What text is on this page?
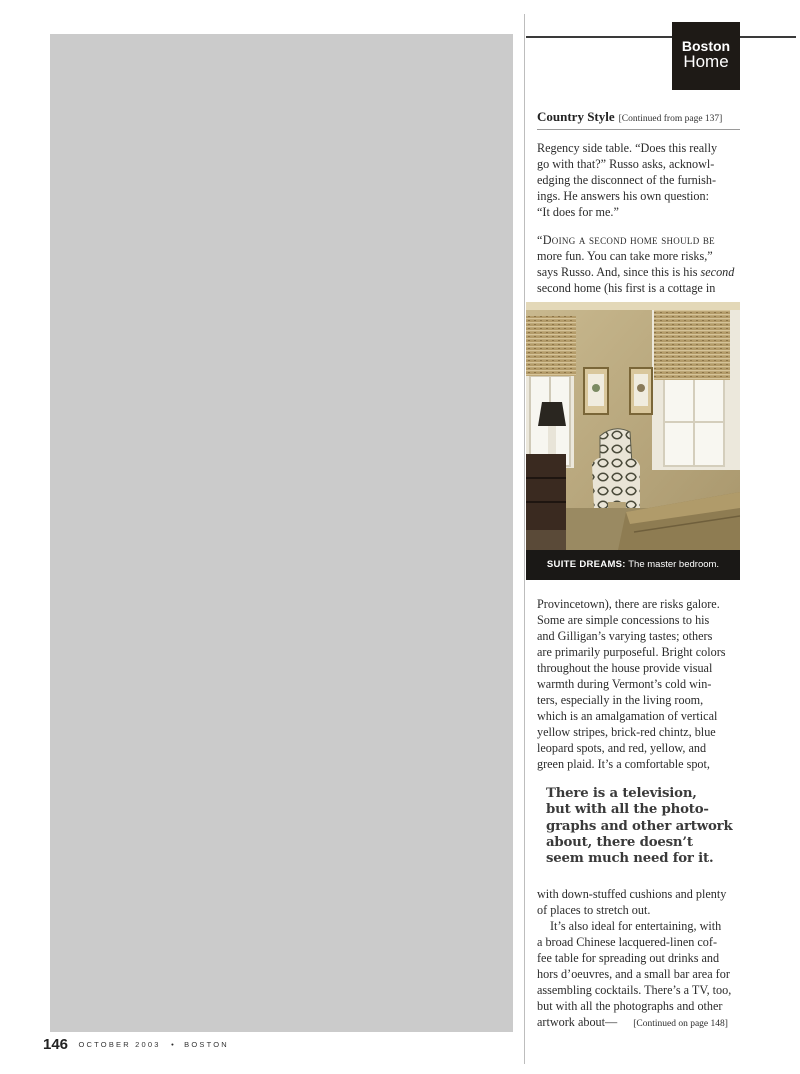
Boston
Home
Country Style [Continued from page 137]
Regency side table. “Does this really
go with that?” Russo asks, acknowl-
edging the disconnect of the furnish-
ings. He answers his own question:
“It does for me.”
“Doing a second home should be
more fun. You can take more risks,”
says Russo. And, since this is his second
second home (his first is a cottage in
SUITE DREAMS: The master bedroom.
Provincetown), there are risks galore.
Some are simple concessions to his
and Gilligan’s varying tastes; others
are primarily purposeful. Bright colors
throughout the house provide visual
warmth during Vermont’s cold win-
ters, especially in the living room,
which is an amalgamation of vertical
yellow stripes, brick-red chintz, blue
leopard spots, and red, yellow, and
green plaid. It’s a comfortable spot,
There is a television,
but with all the photo-
graphs and other artwork
about, there doesn’t
seem much need for it.
with down-stuffed cushions and plenty
of places to stretch out.
It’s also ideal for entertaining, with
a broad Chinese lacquered-linen cof-
fee table for spreading out drinks and
hors d’oeuvres, and a small bar area for
assembling cocktails. There’s a TV, too,
but with all the photographs and other
artwork about— [Continued on page 148]
146 OCTOBER 2003 • BOSTON
